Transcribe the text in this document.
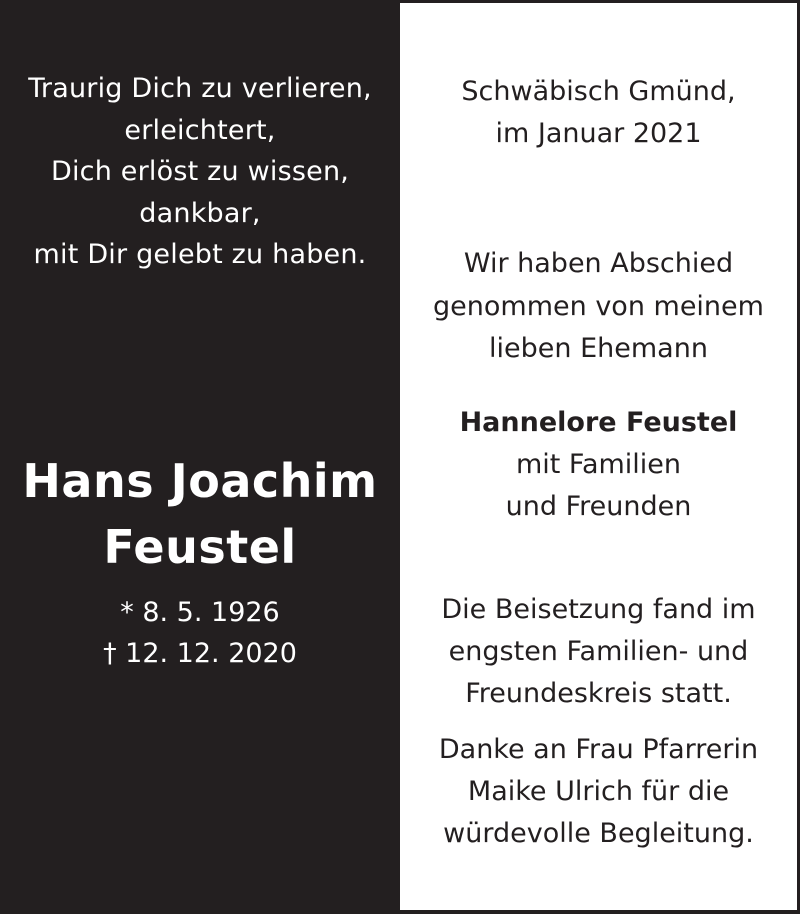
Traurig Dich zu verlieren,
erleichtert,
Dich erlöst zu wissen,
dankbar,
mit Dir gelebt zu haben.
Hans Joachim
Feustel
* 8. 5. 1926
† 12. 12. 2020
Schwäbisch Gmünd,
im Januar 2021
Wir haben Abschied
genommen von meinem
lieben Ehemann
Hannelore Feustel
mit Familien
und Freunden
Die Beisetzung fand im
engsten Familien- und
Freundeskreis statt.
Danke an Frau Pfarrerin
Maike Ulrich für die
würdevolle Begleitung.
